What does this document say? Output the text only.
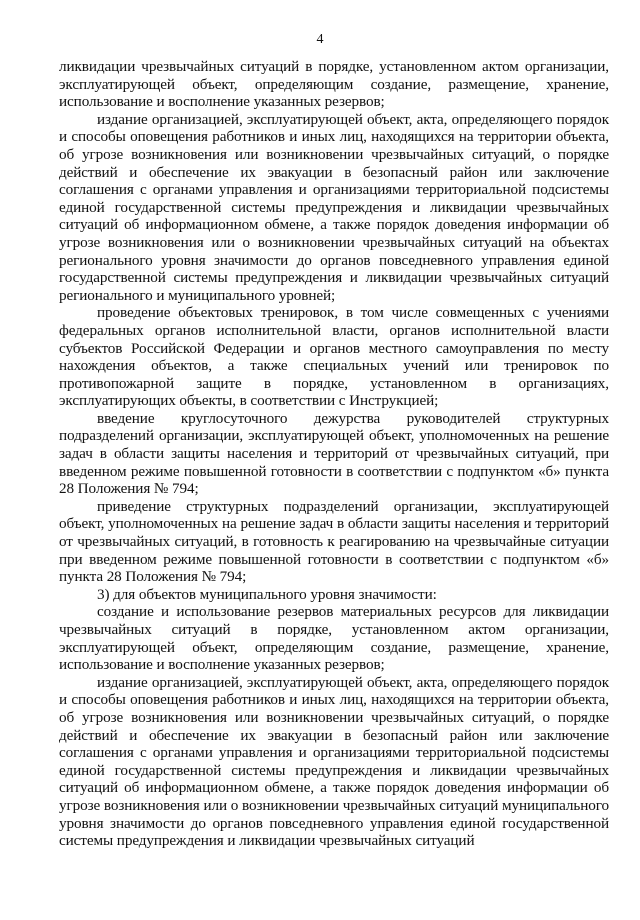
4

ликвидации чрезвычайных ситуаций в порядке, установленном актом организации, эксплуатирующей объект, определяющим создание, размещение, хранение, использование и восполнение указанных резервов;

издание организацией, эксплуатирующей объект, акта, определяющего порядок и способы оповещения работников и иных лиц, находящихся на территории объекта, об угрозе возникновения или возникновении чрезвычайных ситуаций, о порядке действий и обеспечение их эвакуации в безопасный район или заключение соглашения с органами управления и организациями территориальной подсистемы единой государственной системы предупреждения и ликвидации чрезвычайных ситуаций об информационном обмене, а также порядок доведения информации об угрозе возникновения или о возникновении чрезвычайных ситуаций на объектах регионального уровня значимости до органов повседневного управления единой государственной системы предупреждения и ликвидации чрезвычайных ситуаций регионального и муниципального уровней;

проведение объектовых тренировок, в том числе совмещенных с учениями федеральных органов исполнительной власти, органов исполнительной власти субъектов Российской Федерации и органов местного самоуправления по месту нахождения объектов, а также специальных учений или тренировок по противопожарной защите в порядке, установленном в организациях, эксплуатирующих объекты, в соответствии с Инструкцией;

введение круглосуточного дежурства руководителей структурных подразделений организации, эксплуатирующей объект, уполномоченных на решение задач в области защиты населения и территорий от чрезвычайных ситуаций, при введенном режиме повышенной готовности в соответствии с подпунктом «б» пункта 28 Положения № 794;

приведение структурных подразделений организации, эксплуатирующей объект, уполномоченных на решение задач в области защиты населения и территорий от чрезвычайных ситуаций, в готовность к реагированию на чрезвычайные ситуации при введенном режиме повышенной готовности в соответствии с подпунктом «б» пункта 28 Положения № 794;

3) для объектов муниципального уровня значимости:

создание и использование резервов материальных ресурсов для ликвидации чрезвычайных ситуаций в порядке, установленном актом организации, эксплуатирующей объект, определяющим создание, размещение, хранение, использование и восполнение указанных резервов;

издание организацией, эксплуатирующей объект, акта, определяющего порядок и способы оповещения работников и иных лиц, находящихся на территории объекта, об угрозе возникновения или возникновении чрезвычайных ситуаций, о порядке действий и обеспечение их эвакуации в безопасный район или заключение соглашения с органами управления и организациями территориальной подсистемы единой государственной системы предупреждения и ликвидации чрезвычайных ситуаций об информационном обмене, а также порядок доведения информации об угрозе возникновения или о возникновении чрезвычайных ситуаций муниципального уровня значимости до органов повседневного управления единой государственной системы предупреждения и ликвидации чрезвычайных ситуаций
